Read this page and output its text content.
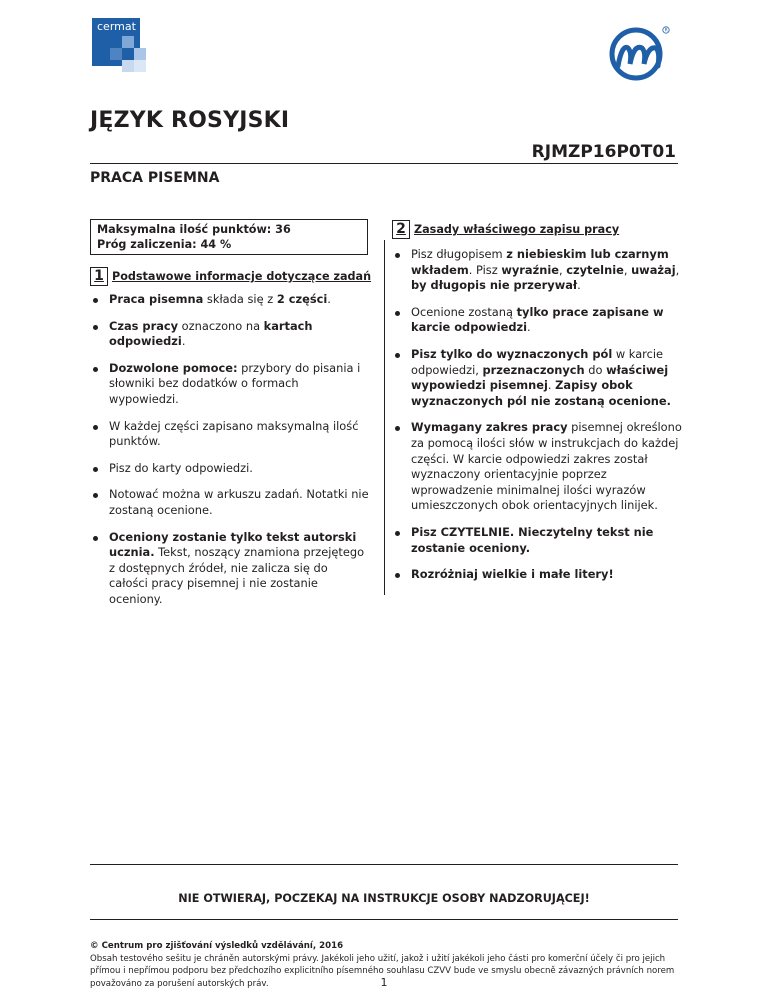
cermat	R
JĘZYK ROSYJSKI
RJMZP16P0T01
PRACA PISEMNA
Maksymalna ilość punktów: 36
Próg zaliczenia: 44 %
1 Podstawowe informacje dotyczące zadań
Praca pisemna składa się z 2 części.
Czas pracy oznaczono na kartach odpowiedzi.
Dozwolone pomoce: przybory do pisania i słowniki bez dodatków o formach wypowiedzi.
W każdej części zapisano maksymalną ilość punktów.
Pisz do karty odpowiedzi.
Notować można w arkuszu zadań. Notatki nie zostaną ocenione.
Oceniony zostanie tylko tekst autorski ucznia. Tekst, noszący znamiona przejętego z dostępnych źródeł, nie zalicza się do całości pracy pisemnej i nie zostanie oceniony.
2 Zasady właściwego zapisu pracy
Pisz długopisem z niebieskim lub czarnym wkładem. Pisz wyraźnie, czytelnie, uważaj, by długopis nie przerywał.
Ocenione zostaną tylko prace zapisane w karcie odpowiedzi.
Pisz tylko do wyznaczonych pól w karcie odpowiedzi, przeznaczonych do właściwej wypowiedzi pisemnej. Zapisy obok wyznaczonych pól nie zostaną ocenione.
Wymagany zakres pracy pisemnej określono za pomocą ilości słów w instrukcjach do każdej części. W karcie odpowiedzi zakres został wyznaczony orientacyjnie poprzez wprowadzenie minimalnej ilości wyrazów umieszczonych obok orientacyjnych linijek.
Pisz CZYTELNIE. Nieczytelny tekst nie zostanie oceniony.
Rozróżniaj wielkie i małe litery!
NIE OTWIERAJ, POCZEKAJ NA INSTRUKCJE OSOBY NADZORUJĄCEJ!
© Centrum pro zjišťování výsledků vzdělávání, 2016
Obsah testového sešitu je chráněn autorskými právy. Jakékoli jeho užití, jakož i užití jakékoli jeho části pro komerční účely či pro jejich přímou i nepřímou podporu bez předchozího explicitního písemného souhlasu CZVV bude ve smyslu obecně závazných právních norem považováno za porušení autorských práv.	1
